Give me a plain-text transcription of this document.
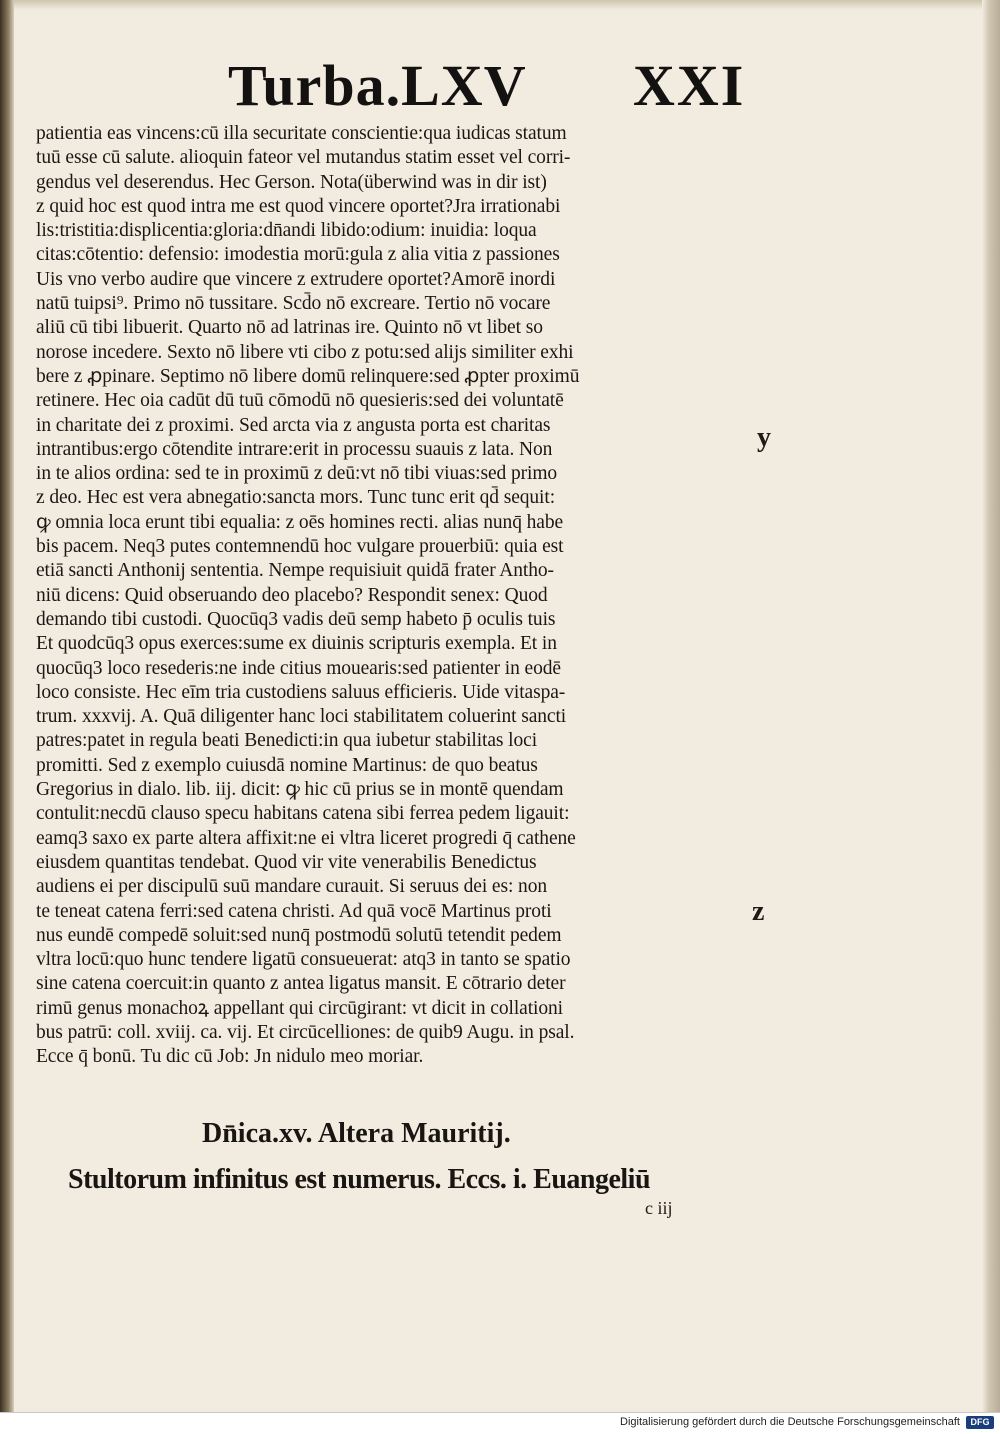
Turba.LXV XXI
patientia eas vincens:cū illa securitate conscientie:qua iudicas statum
tuū esse cū salute. alioquin fateor vel mutandus statim esset vel corri-
gendus vel deserendus. Hec Gerson. Nota(überwind was in dir ist)
z quid hoc est quod intra me est quod vincere oportet?Jra irrationabi
lis:tristitia:displicentia:gloria:dn̄andi libido:odium: inuidia: loqua
citas:cōtentio: defensio: imodestia morū:gula z alia vitia z passiones
Uis vno verbo audire que vincere z extrudere oportet?Amorē inordi
natū tuipsi⁹. Primo nō tussitare. Scd̄o nō excreare. Tertio nō vocare
aliū cū tibi libuerit. Quarto nō ad latrinas ire. Quinto nō vt libet so
norose incedere. Sexto nō libere vti cibo z potu:sed alijs similiter exhi
bere z ꝓpinare. Septimo nō libere domū relinquere:sed ꝓpter proximū
retinere. Hec oia cadūt dū tuū cōmodū nō quesieris:sed dei voluntatē
in charitate dei z proximi. Sed arcta via z angusta porta est charitas
intrantibus:ergo cōtendite intrare:erit in processu suauis z lata. Non
in te alios ordina: sed te in proximū z deū:vt nō tibi viuas:sed primo
z deo. Hec est vera abnegatio:sancta mors. Tunc tunc erit qd̄ sequit:
ꝙ omnia loca erunt tibi equalia: z oēs homines recti. alias nunq̄ habe
bis pacem. Neq3 putes contemnendū hoc vulgare prouerbiū: quia est
etiā sancti Anthonij sententia. Nempe requisiuit quidā frater Antho-
niū dicens: Quid obseruando deo placebo? Respondit senex: Quod
demando tibi custodi. Quocūq3 vadis deū semp habeto p̄ oculis tuis
Et quodcūq3 opus exerces:sume ex diuinis scripturis exempla. Et in
quocūq3 loco resederis:ne inde citius mouearis:sed patienter in eodē
loco consiste. Hec eīm tria custodiens saluus efficieris. Uide vitaspa-
trum. xxxvij. A. Quā diligenter hanc loci stabilitatem coluerint sancti
patres:patet in regula beati Benedicti:in qua iubetur stabilitas loci
promitti. Sed z exemplo cuiusdā nomine Martinus: de quo beatus
Gregorius in dialo. lib. iij. dicit: ꝙ hic cū prius se in montē quendam
contulit:necdū clauso specu habitans catena sibi ferrea pedem ligauit:
eamq3 saxo ex parte altera affixit:ne ei vltra liceret progredi q̄ cathene
eiusdem quantitas tendebat. Quod vir vite venerabilis Benedictus
audiens ei per discipulū suū mandare curauit. Si seruus dei es: non
te teneat catena ferri:sed catena christi. Ad quā vocē Martinus proti
nus eundē compedē soluit:sed nunq̄ postmodū solutū tetendit pedem
vltra locū:quo hunc tendere ligatū consueuerat: atq3 in tanto se spatio
sine catena coercuit:in quanto z antea ligatus mansit. E cōtrario deter
rimū genus monachoꝝ appellant qui circūgirant: vt dicit in collationi
bus patrū: coll. xviij. ca. vij. Et circūcelliones: de quib9 Augu. in psal.
Ecce q̄ bonū. Tu dic cū Job: Jn nidulo meo moriar.
y
z
Dn̄ica.xv. Altera Mauritij.
Stultorum infinitus est numerus. Eccs. i. Euangeliū
c iij
Digitalisierung gefördert durch die Deutsche Forschungsgemeinschaft	DFG
